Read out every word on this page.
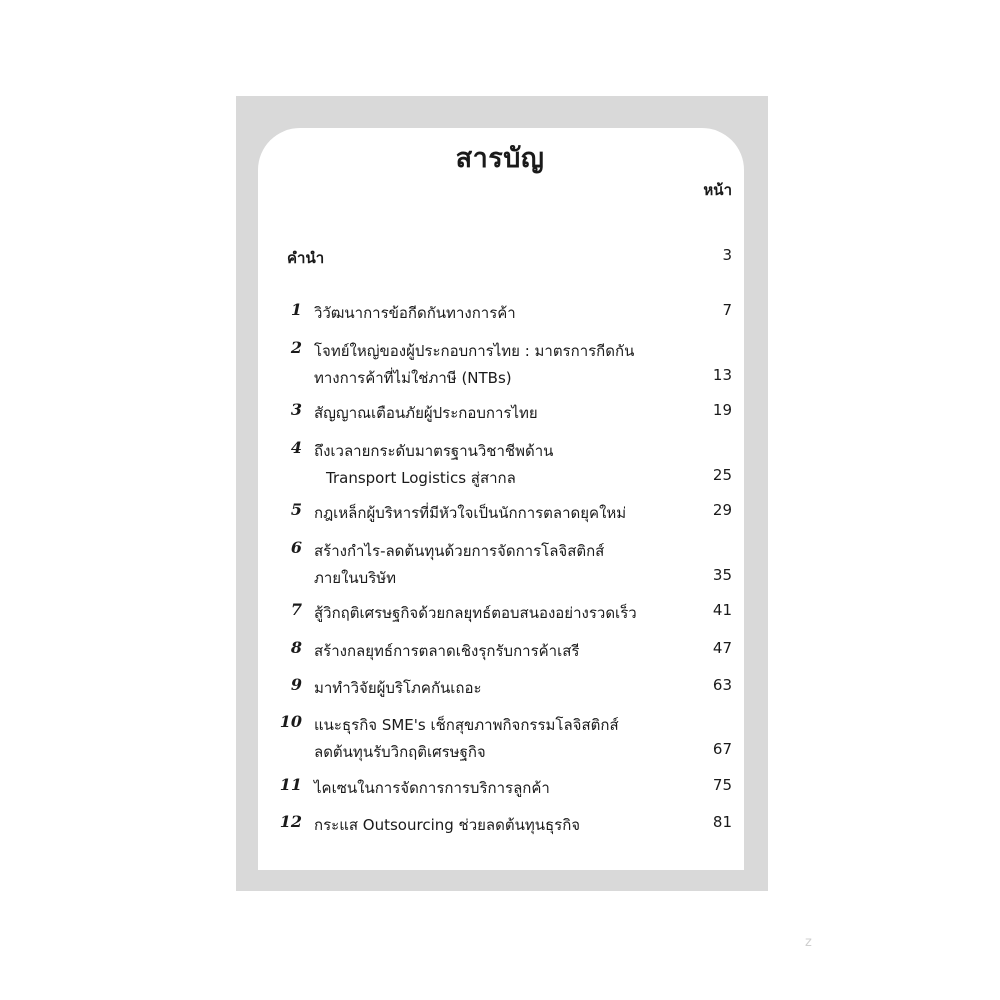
สารบัญ
หน้า
คำนำ	3
1 วิวัฒนาการข้อกีดกันทางการค้า	7
2 โจทย์ใหญ่ของผู้ประกอบการไทย : มาตรการกีดกัน
ทางการค้าที่ไม่ใช่ภาษี (NTBs)	13
3 สัญญาณเตือนภัยผู้ประกอบการไทย	19
4 ถึงเวลายกระดับมาตรฐานวิชาชีพด้าน
Transport Logistics สู่สากล	25
5 กฎเหล็กผู้บริหารที่มีหัวใจเป็นนักการตลาดยุคใหม่	29
6 สร้างกำไร-ลดต้นทุนด้วยการจัดการโลจิสติกส์
ภายในบริษัท	35
7 สู้วิกฤติเศรษฐกิจด้วยกลยุทธ์ตอบสนองอย่างรวดเร็ว	41
8 สร้างกลยุทธ์การตลาดเชิงรุกรับการค้าเสรี	47
9 มาทำวิจัยผู้บริโภคกันเถอะ	63
10 แนะธุรกิจ SME's เช็กสุขภาพกิจกรรมโลจิสติกส์
ลดต้นทุนรับวิกฤติเศรษฐกิจ	67
11 ไคเซนในการจัดการการบริการลูกค้า	75
12 กระแส Outsourcing ช่วยลดต้นทุนธุรกิจ	81
z
